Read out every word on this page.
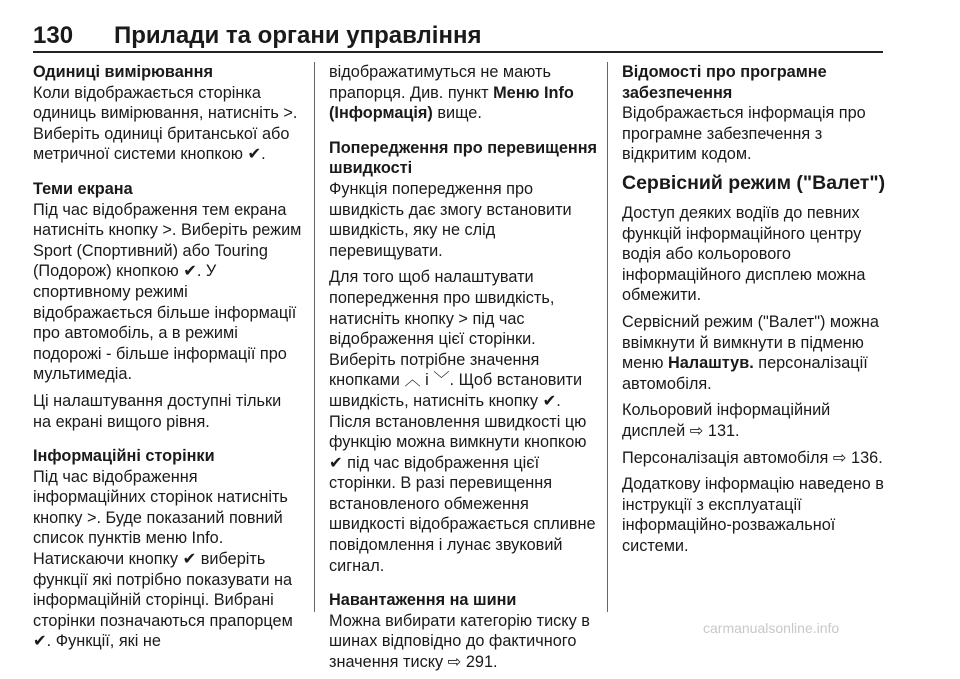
130 Прилади та органи управління
Одиниці вимірювання

Коли відображається сторінка одиниць вимірювання, натисніть >. Виберіть одиниці британської або метричної системи кнопкою ✔.

Теми екрана

Під час відображення тем екрана натисніть кнопку >. Виберіть режим Sport (Спортивний) або Touring (Подорож) кнопкою ✔. У спортивному режимі відображається більше інформації про автомобіль, а в режимі подорожі - більше інформації про мультимедіа.

Ці налаштування доступні тільки на екрані вищого рівня.

Інформаційні сторінки

Під час відображення інформаційних сторінок натисніть кнопку >. Буде показаний повний список пунктів меню Info. Натискаючи кнопку ✔ виберіть функції які потрібно показувати на інформаційній сторінці. Вибрані сторінки позначаються прапорцем ✔. Функції, які не

відображатимуться не мають прапорця. Див. пункт Меню Info (Інформація) вище.

Попередження про перевищення швидкості

Функція попередження про швидкість дає змогу встановити швидкість, яку не слід перевищувати.

Для того щоб налаштувати попередження про швидкість, натисніть кнопку > під час відображення цієї сторінки. Виберіть потрібне значення кнопками ︿ і ﹀. Щоб встановити швидкість, натисніть кнопку ✔. Після встановлення швидкості цю функцію можна вимкнути кнопкою ✔ під час відображення цієї сторінки. В разі перевищення встановленого обмеження швидкості відображається спливне повідомлення і лунає звуковий сигнал.

Навантаження на шини

Можна вибирати категорію тиску в шинах відповідно до фактичного значення тиску ⇨ 291.

Відомості про програмне забезпечення

Відображається інформація про програмне забезпечення з відкритим кодом.

Сервісний режим ("Валет")

Доступ деяких водіїв до певних функцій інформаційного центру водія або кольорового інформаційного дисплею можна обмежити.

Сервісний режим ("Валет") можна ввімкнути й вимкнути в підменю меню Налаштув. персоналізації автомобіля.

Кольоровий інформаційний дисплей ⇨ 131.

Персоналізація автомобіля ⇨ 136.

Додаткову інформацію наведено в інструкції з експлуатації інформаційно-розважальної системи.

carmanualsonline.info
